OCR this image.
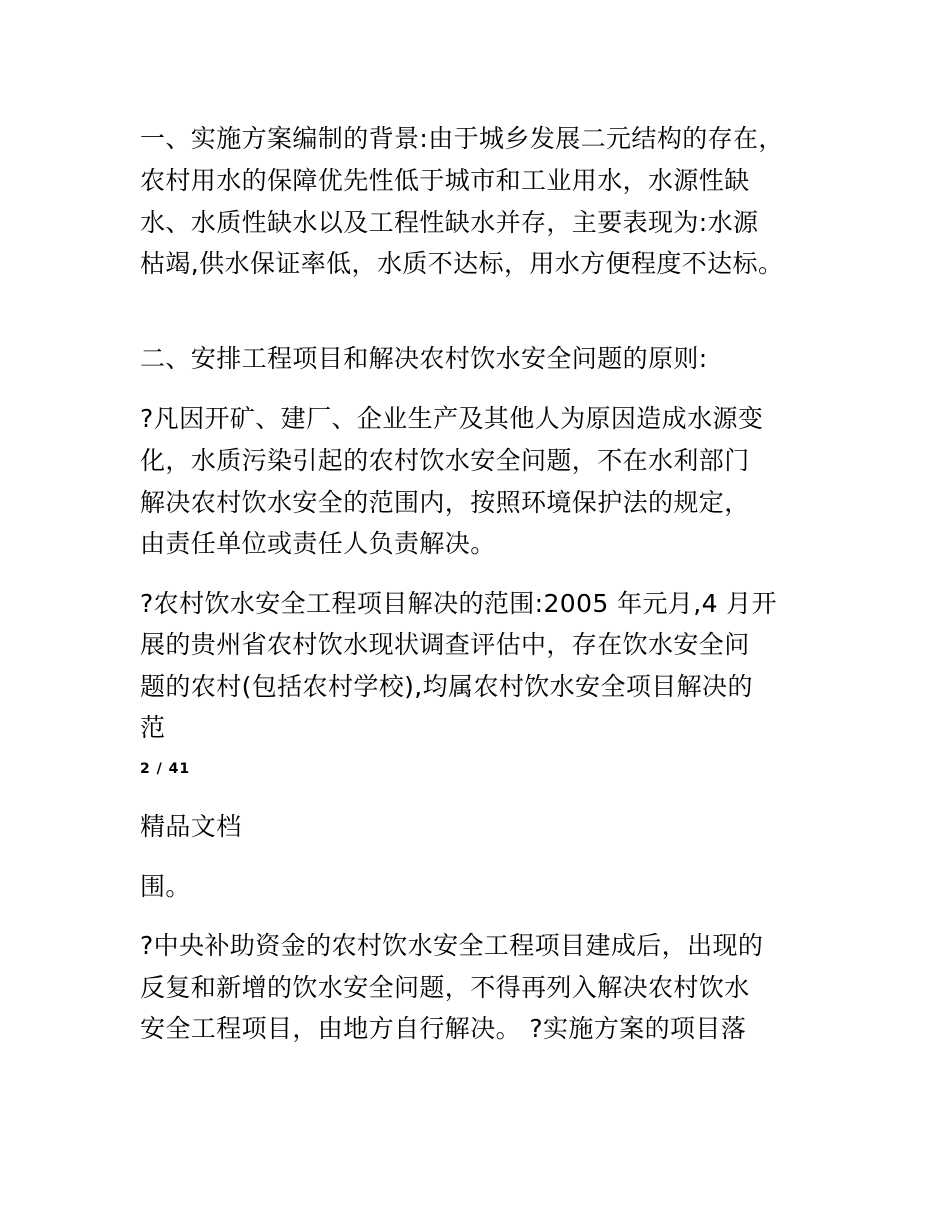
一、实施方案编制的背景:由于城乡发展二元结构的存在，
农村用水的保障优先性低于城市和工业用水，水源性缺
水、水质性缺水以及工程性缺水并存，主要表现为:水源
枯竭,供水保证率低，水质不达标，用水方便程度不达标。
二、安排工程项目和解决农村饮水安全问题的原则:
?凡因开矿、建厂、企业生产及其他人为原因造成水源变
化，水质污染引起的农村饮水安全问题，不在水利部门
解决农村饮水安全的范围内，按照环境保护法的规定，
由责任单位或责任人负责解决。
?农村饮水安全工程项目解决的范围:2005 年元月,4 月开
展的贵州省农村饮水现状调查评估中，存在饮水安全问
题的农村(包括农村学校),均属农村饮水安全项目解决的
范
2 / 41
精品文档
围。
?中央补助资金的农村饮水安全工程项目建成后，出现的
反复和新增的饮水安全问题，不得再列入解决农村饮水
安全工程项目，由地方自行解决。 ?实施方案的项目落
